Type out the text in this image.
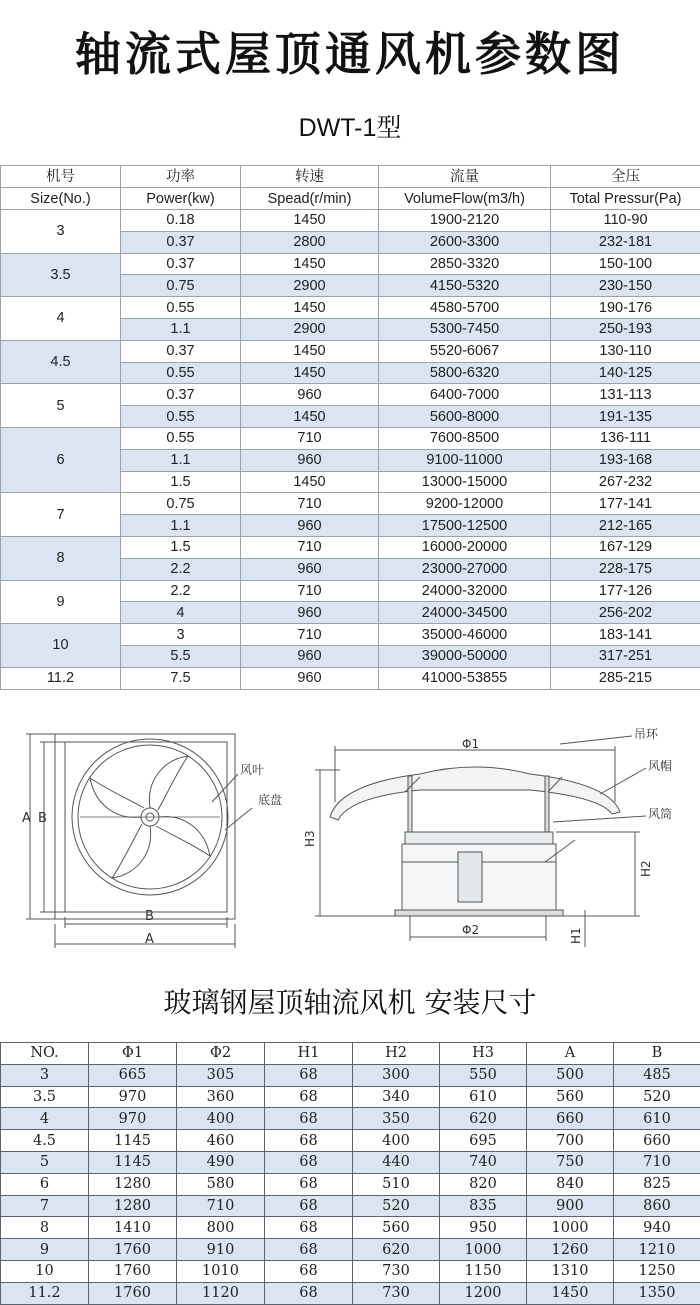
轴流式屋顶通风机参数图
DWT-1型
机号	功率	转速	流量	全压
Size(No.)	Power(kw)	Spead(r/min)	VolumeFlow(m3/h)	Total Pressur(Pa)
3	0.18	1450	1900-2120	110-90
	0.37	2800	2600-3300	232-181
3.5	0.37	1450	2850-3320	150-100
	0.75	2900	4150-5320	230-150
4	0.55	1450	4580-5700	190-176
	1.1	2900	5300-7450	250-193
4.5	0.37	1450	5520-6067	130-110
	0.55	1450	5800-6320	140-125
5	0.37	960	6400-7000	131-113
	0.55	1450	5600-8000	191-135
6	0.55	710	7600-8500	136-111
	1.1	960	9100-11000	193-168
	1.5	1450	13000-15000	267-232
7	0.75	710	9200-12000	177-141
	1.1	960	17500-12500	212-165
8	1.5	710	16000-20000	167-129
	2.2	960	23000-27000	228-175
9	2.2	710	24000-32000	177-126
	4	960	24000-34500	256-202
10	3	710	35000-46000	183-141
	5.5	960	39000-50000	317-251
11.2	7.5	960	41000-53855	285-215
风叶
底盘
A B
B
A
Φ1
Φ2
H3
H2
H1
吊环
风帽
风筒
玻璃钢屋顶轴流风机 安装尺寸
NO.	Φ1	Φ2	H1	H2	H3	A	B
3	665	305	68	300	550	500	485
3.5	970	360	68	340	610	560	520
4	970	400	68	350	620	660	610
4.5	1145	460	68	400	695	700	660
5	1145	490	68	440	740	750	710
6	1280	580	68	510	820	840	825
7	1280	710	68	520	835	900	860
8	1410	800	68	560	950	1000	940
9	1760	910	68	620	1000	1260	1210
10	1760	1010	68	730	1150	1310	1250
11.2	1760	1120	68	730	1200	1450	1350
